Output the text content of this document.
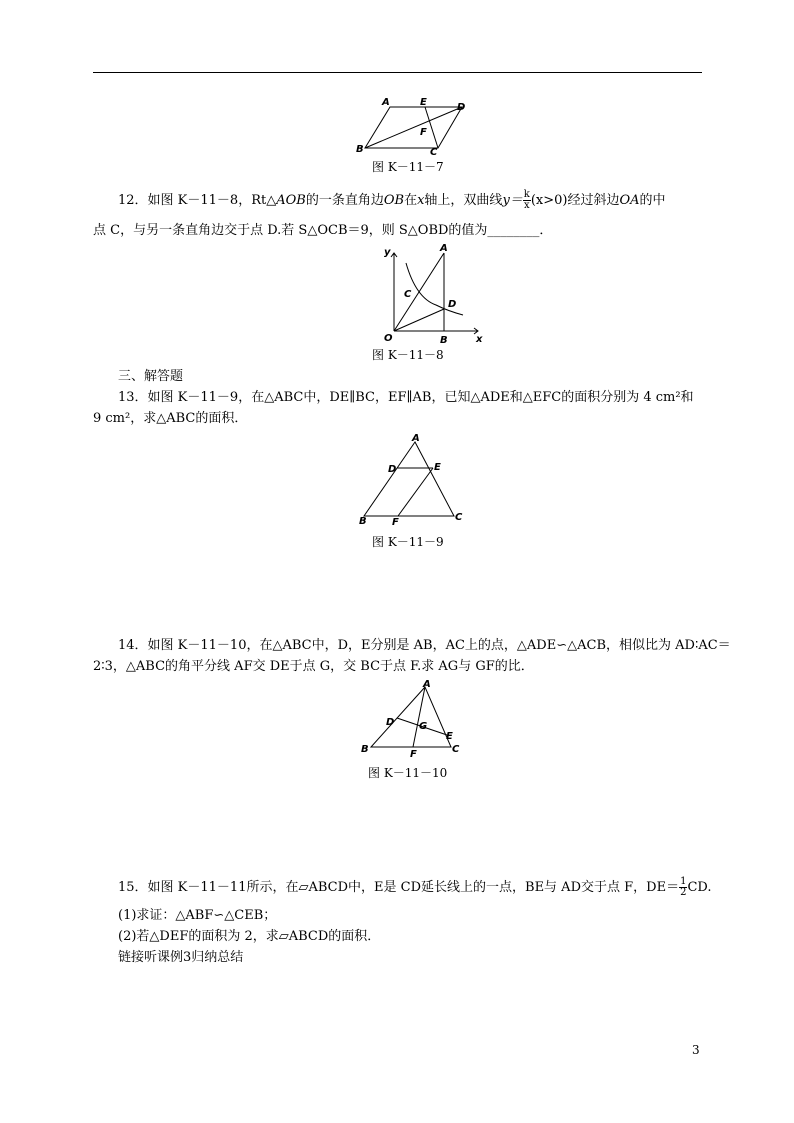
A	E	D
F
B	C
图 K－11－7
12．如图 K－11－8，Rt△AOB的一条直角边OB在x轴上，双曲线$y= \frac{k}{x} (x>0)$经过斜边OA的中
点 C，与另一条直角边交于点 D.若 S△OCB＝9，则 S△OBD的值为________．
y	A
C
D
O	B	x
图 K－11－8
三、解答题
13．如图 K－11－9，在△ABC中，DE∥BC，EF∥AB，已知△ADE和△EFC的面积分别为 4 cm²和
9 cm²，求△ABC的面积．
A
D	E
B	F	C
图 K－11－9
14．如图 K－11－10，在△ABC中，D，E分别是 AB，AC上的点，△ADE∽△ACB，相似比为 AD∶AC＝
2∶3，△ABC的角平分线 AF交 DE于点 G，交 BC于点 F.求 AG与 GF的比．
A
D G
E
B	F	C
图 K－11－10
15．如图 K－11－11所示，在▱ABCD中，E是 CD延长线上的一点，BE与 AD交于点 F，$DE= \frac{1}{2}$ CD.
(1)求证：△ABF∽△CEB；
(2)若△DEF的面积为 2，求▱ABCD的面积．
链接听课例3归纳总结
3
